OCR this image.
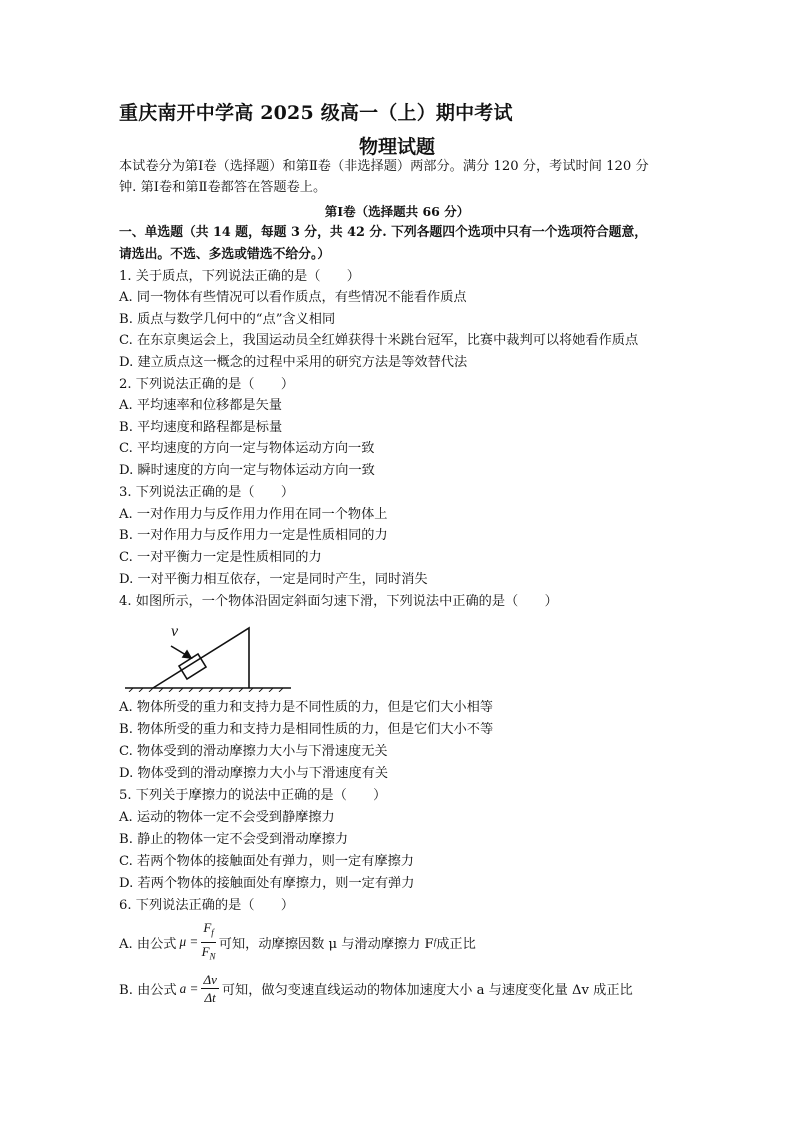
重庆南开中学高 2025 级高一（上）期中考试
物理试题
本试卷分为第Ⅰ卷（选择题）和第Ⅱ卷（非选择题）两部分。满分 120 分，考试时间 120 分
钟. 第Ⅰ卷和第Ⅱ卷都答在答题卷上。
第Ⅰ卷（选择题共 66 分）
一、单选题（共 14 题，每题 3 分，共 42 分. 下列各题四个选项中只有一个选项符合题意，
请选出。不选、多选或错选不给分。）
1. 关于质点，下列说法正确的是（　　）
A. 同一物体有些情况可以看作质点，有些情况不能看作质点
B. 质点与数学几何中的“点”含义相同
C. 在东京奥运会上，我国运动员全红婵获得十米跳台冠军，比赛中裁判可以将她看作质点
D. 建立质点这一概念的过程中采用的研究方法是等效替代法
2. 下列说法正确的是（　　）
A. 平均速率和位移都是矢量
B. 平均速度和路程都是标量
C. 平均速度的方向一定与物体运动方向一致
D. 瞬时速度的方向一定与物体运动方向一致
3. 下列说法正确的是（　　）
A. 一对作用力与反作用力作用在同一个物体上
B. 一对作用力与反作用力一定是性质相同的力
C. 一对平衡力一定是性质相同的力
D. 一对平衡力相互依存，一定是同时产生，同时消失
4. 如图所示，一个物体沿固定斜面匀速下滑，下列说法中正确的是（　　）
v
A. 物体所受的重力和支持力是不同性质的力，但是它们大小相等
B. 物体所受的重力和支持力是相同性质的力，但是它们大小不等
C. 物体受到的滑动摩擦力大小与下滑速度无关
D. 物体受到的滑动摩擦力大小与下滑速度有关
5. 下列关于摩擦力的说法中正确的是（　　）
A. 运动的物体一定不会受到静摩擦力
B. 静止的物体一定不会受到滑动摩擦力
C. 若两个物体的接触面处有弹力，则一定有摩擦力
D. 若两个物体的接触面处有摩擦力，则一定有弹力
6. 下列说法正确的是（　　）
A. 由公式 $\mu = \frac{F_f}{F_N}$ 可知，动摩擦因数 μ 与滑动摩擦力 F f 成正比
B. 由公式 $a = \frac{\Delta v}{\Delta t}$ 可知，做匀变速直线运动的物体加速度大小 a 与速度变化量 Δv 成正比
